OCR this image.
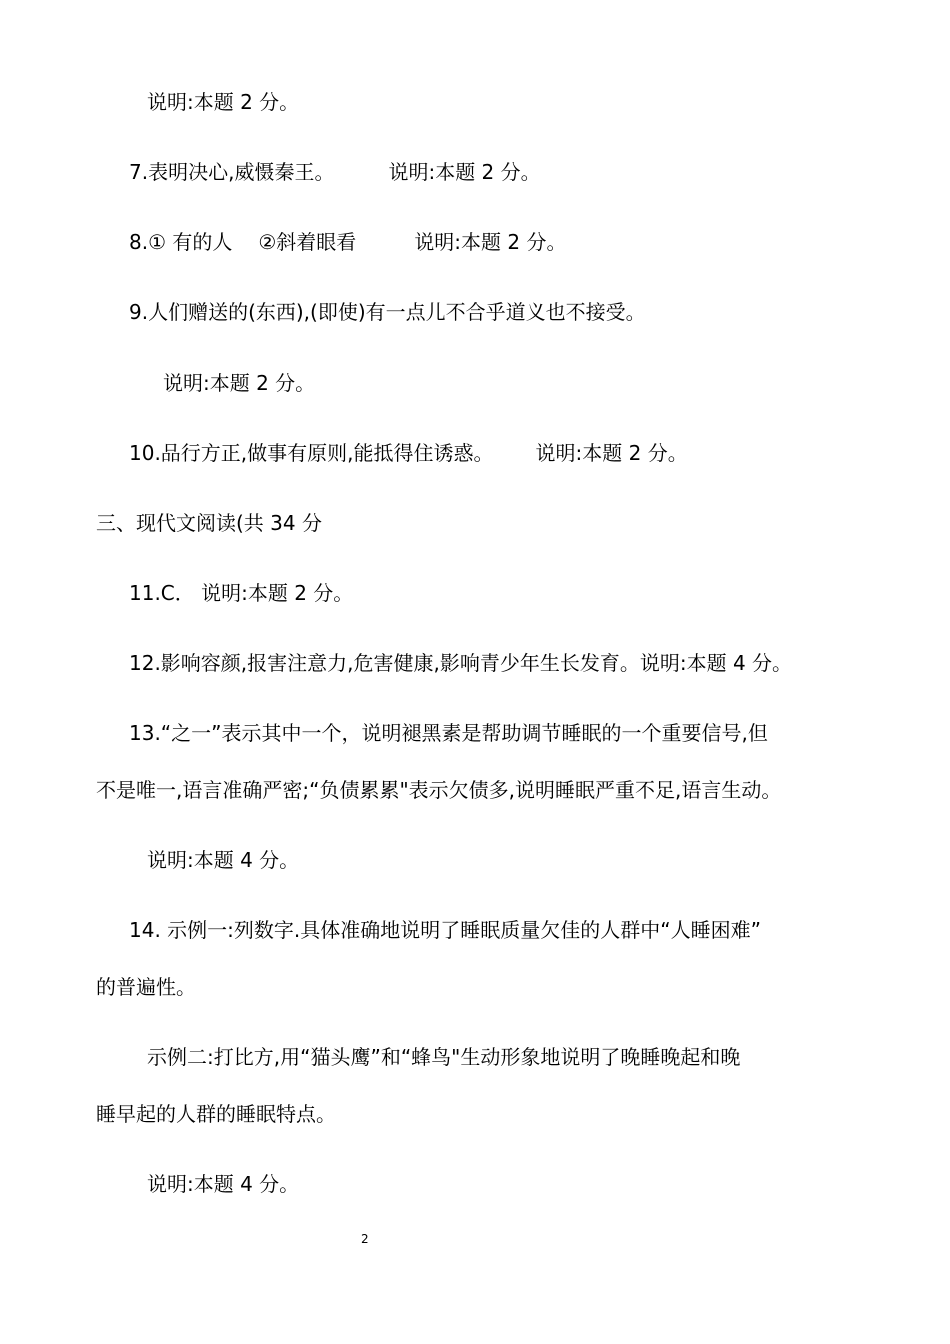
说明:本题 2 分。
7.表明决心,威慑秦王。	说明:本题 2 分。
8.① 有的人 ②斜着眼看	说明:本题 2 分。
9.人们赠送的(东西),(即使)有一点儿不合乎道义也不接受。
说明:本题 2 分。
10.品行方正,做事有原则,能抵得住诱惑。 说明:本题 2 分。
三、现代文阅读(共 34 分
11.C． 说明:本题 2 分。
12.影响容颜,报害注意力,危害健康,影响青少年生长发育。说明:本题 4 分。
13.“之一”表示其中一个，说明褪黑素是帮助调节睡眠的一个重要信号,但
不是唯一,语言准确严密;“负债累累"表示欠债多,说明睡眠严重不足,语言生动。
说明:本题 4 分。
14. 示例一:列数字.具体准确地说明了睡眠质量欠佳的人群中“人睡困难”
的普遍性。
示例二:打比方,用“猫头鹰”和“蜂鸟"生动形象地说明了晚睡晚起和晚
睡早起的人群的睡眠特点。
说明:本题 4 分。
2
